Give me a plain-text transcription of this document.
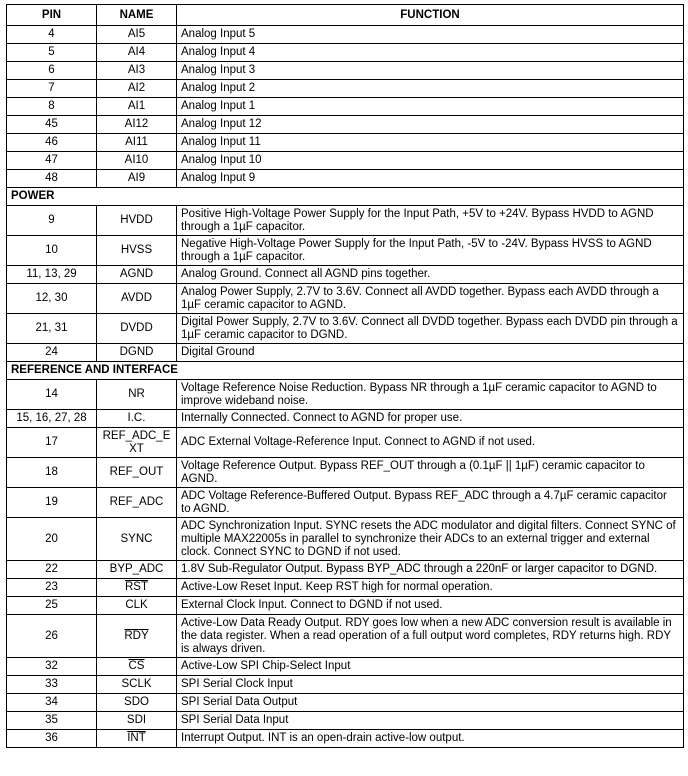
PIN	NAME	FUNCTION
4	AI5	Analog Input 5
5	AI4	Analog Input 4
6	AI3	Analog Input 3
7	AI2	Analog Input 2
8	AI1	Analog Input 1
45	AI12	Analog Input 12
46	AI11	Analog Input 11
47	AI10	Analog Input 10
48	AI9	Analog Input 9
POWER		
9	HVDD	Positive High-Voltage Power Supply for the Input Path, +5V to +24V. Bypass HVDD to AGND through a 1µF capacitor.
10	HVSS	Negative High-Voltage Power Supply for the Input Path, -5V to -24V. Bypass HVSS to AGND through a 1µF capacitor.
11, 13, 29	AGND	Analog Ground. Connect all AGND pins together.
12, 30	AVDD	Analog Power Supply, 2.7V to 3.6V. Connect all AVDD together. Bypass each AVDD through a 1µF ceramic capacitor to AGND.
21, 31	DVDD	Digital Power Supply, 2.7V to 3.6V. Connect all DVDD together. Bypass each DVDD pin through a 1µF ceramic capacitor to DGND.
24	DGND	Digital Ground
REFERENCE AND INTERFACE		
14	NR	Voltage Reference Noise Reduction. Bypass NR through a 1µF ceramic capacitor to AGND to improve wideband noise.
15, 16, 27, 28	I.C.	Internally Connected. Connect to AGND for proper use.
17	REF_ADC_EXT	ADC External Voltage-Reference Input. Connect to AGND if not used.
18	REF_OUT	Voltage Reference Output. Bypass REF_OUT through a (0.1µF || 1µF) ceramic capacitor to AGND.
19	REF_ADC	ADC Voltage Reference-Buffered Output. Bypass REF_ADC through a 4.7µF ceramic capacitor to AGND.
20	SYNC	ADC Synchronization Input. SYNC resets the ADC modulator and digital filters. Connect SYNC of multiple MAX22005s in parallel to synchronize their ADCs to an external trigger and external clock. Connect SYNC to DGND if not used.
22	BYP_ADC	1.8V Sub-Regulator Output. Bypass BYP_ADC through a 220nF or larger capacitor to DGND.
23	$\overline{RST}$	Active-Low Reset Input. Keep RST high for normal operation.
25	CLK	External Clock Input. Connect to DGND if not used.
26	$\overline{RDY}$	Active-Low Data Ready Output. RDY goes low when a new ADC conversion result is available in the data register. When a read operation of a full output word completes, RDY returns high. RDY is always driven.
32	$\overline{CS}$	Active-Low SPI Chip-Select Input
33	SCLK	SPI Serial Clock Input
34	SDO	SPI Serial Data Output
35	SDI	SPI Serial Data Input
36	$\overline{INT}$	Interrupt Output. INT is an open-drain active-low output.
